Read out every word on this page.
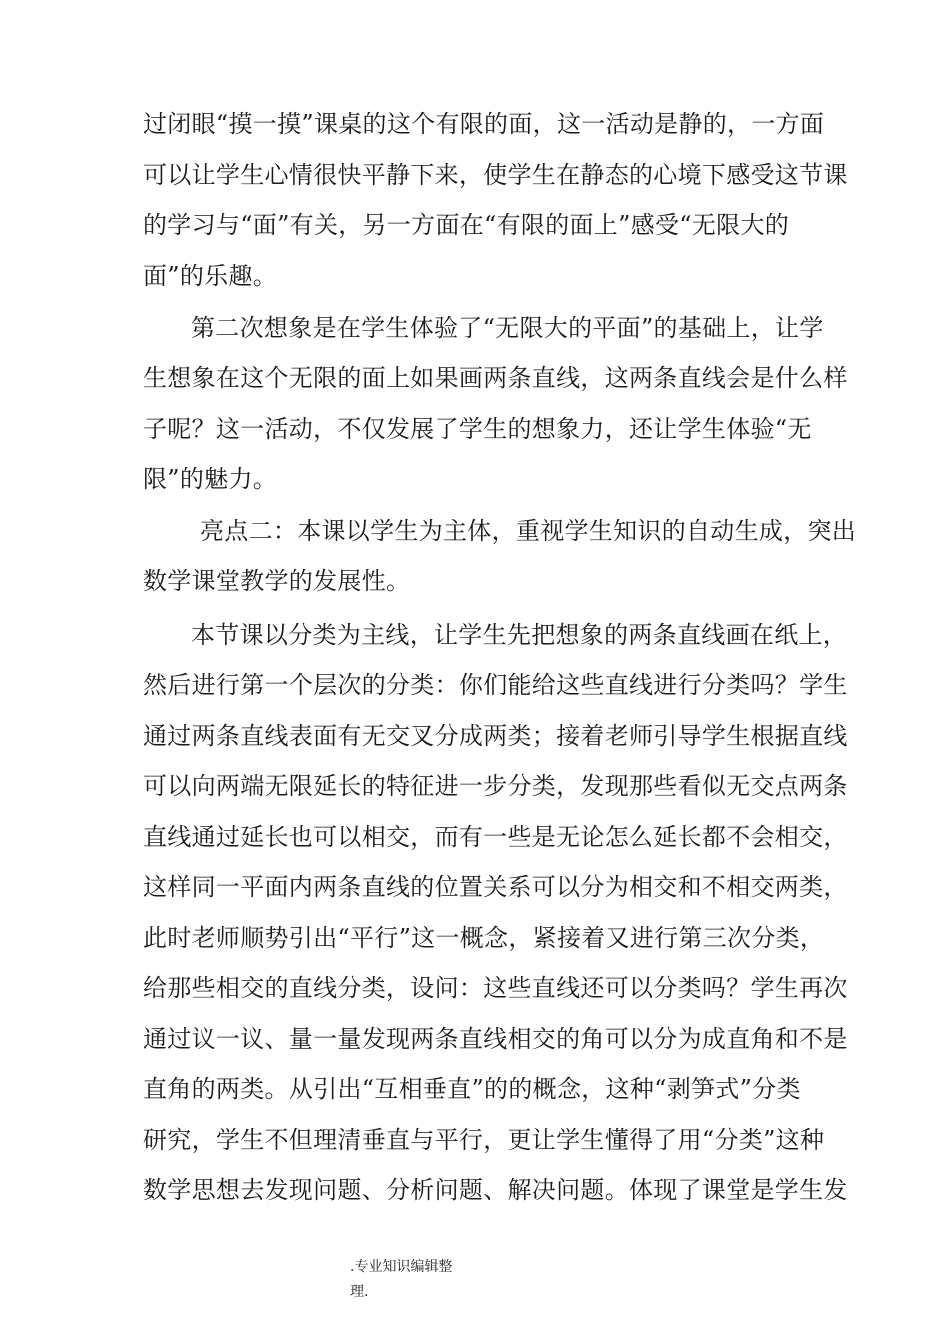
过闭眼“摸一摸”课桌的这个有限的面，这一活动是静的，一方面
可以让学生心情很快平静下来，使学生在静态的心境下感受这节课
的学习与“面”有关，另一方面在“有限的面上”感受“无限大的
面”的乐趣。
第二次想象是在学生体验了“无限大的平面”的基础上，让学
生想象在这个无限的面上如果画两条直线，这两条直线会是什么样
子呢？这一活动，不仅发展了学生的想象力，还让学生体验“无
限”的魅力。
亮点二：本课以学生为主体，重视学生知识的自动生成，突出
数学课堂教学的发展性。
本节课以分类为主线，让学生先把想象的两条直线画在纸上，
然后进行第一个层次的分类：你们能给这些直线进行分类吗？学生
通过两条直线表面有无交叉分成两类；接着老师引导学生根据直线
可以向两端无限延长的特征进一步分类，发现那些看似无交点两条
直线通过延长也可以相交，而有一些是无论怎么延长都不会相交，
这样同一平面内两条直线的位置关系可以分为相交和不相交两类，
此时老师顺势引出“平行”这一概念，紧接着又进行第三次分类，
给那些相交的直线分类，设问：这些直线还可以分类吗？学生再次
通过议一议、量一量发现两条直线相交的角可以分为成直角和不是
直角的两类。从引出“互相垂直”的的概念，这种“剥笋式”分类
研究，学生不但理清垂直与平行，更让学生懂得了用“分类”这种
数学思想去发现问题、分析问题、解决问题。体现了课堂是学生发
.专业知识编辑整
理.
